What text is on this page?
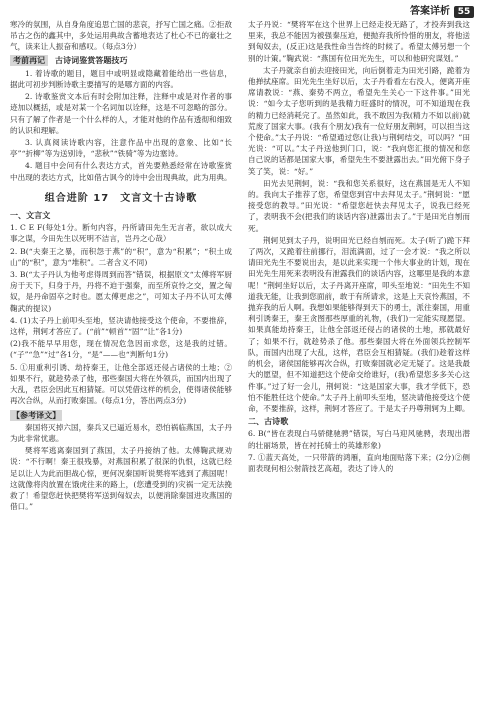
答案详析 55

寒冷的氛围，从自身角度追思亡国的悲哀，抒写亡国之痛。②拒敌吊古之伤的鑫其中，多处运用典故含蓄地表达了杜心不已的豪壮之气，读来让人振奋和感叹。（每点3分）

考前再记 古诗词鉴赏答题技巧

1. 着诗歌的题目，题目中或明显或隐藏着能给出一些信息，据此可初步判断诗歌主要描写的是哪方面的内容。

2. 诗歌鉴赏文本后有时会附加注释，注释中或是对作者的事迹加以概括，或是对某一个名词加以诠释，这是不可忽略的部分。只有了解了作者是一个什么样的人，才能对他的作品有透彻和细致的认识和理解。

3. 认真阅读诗歌内容，注意作品中出现的意象、比如“长亭”“折柳”等为送别诗，“悲秋”“铁骑”等为边塞诗。

4. 题目中会问有什么表达方式，首先要熟悉经常在诗歌鉴赏中出现的表达方式，比如借古讽今的诗中会出现典故，此为用典。

组合进阶 17　文言文十古诗歌
一、文言文

1. C E F(每处1分。断句内容，丹所请田先生无言者，欲以成大事之谋，今田先生以死明不洁言，岂丹之心哉）

2. B(“夫秦王之暴，而积怨于燕”的“积”，意为“积累”；“积土成山”的“积”，意为“堆积”。二者含义不同)

3. B(“太子丹认为他考虑得周到而答”错误，根据原文“太傅将军厨房于天下，归身于丹，丹将不迫于强秦，而至所哀怜之交，置之匈奴，是丹命固卒之时也。愿太傅更虑之”，可知太子丹不认可太傅鞠武的提议)

4. (1)太子丹上前叩头至地，竖决请他接受这个使命，不要推辞，这样，荆轲才答应了。(“前”“顿首”“固”“让”各1分)

(2)我不能早早用您，现在情况危急因而求您，这是我的过错。(“子”“急”“过”各1分，“是”——也“判断句1分)

5. ①用重利引诱、劫持秦王，让他全部返还侵占诸侯的土地；②如果不行，就趁势杀了他，那些秦国大将在外领兵，而国内出现了大乱，君臣会因此互相猜疑。可以凭借这样的机会，使得诸侯能够再次合纵，从而打败秦国。(每点1分，答出两点3分)

【参考译文】

秦国将灭掉六国，秦兵又已逼近易水，恐怕祸临燕国，太子丹为此非常忧惠。

樊将军逃离秦国到了燕国，太子丹接纳了他。太傅鞠武规劝说：“不行啊！秦王很残暴，对燕国积累了很深的仇恨，这就已经足以让人为此而胆战心惊，更何况秦国听说樊将军逃到了燕国呢！这就像将肉放置在饿虎往来的路上，(您遭受到的)灾祸一定无法挽救了！希望您赶快把樊将军送到匈奴去，以便消除秦国进攻燕国的借口。”

太子丹说：“樊将军在这个世界上已经走投无路了，才投奔到我这里来，我总不能因为被强秦压迫，便抛弃我所怜惜的朋友，将他送到匈奴去，(反正)这是我性命当告终的时候了。希望太傅另想一个别的计策。”鞠武说：“燕国有位田光先生，可以和他研究谋划。”

太子丹就亲自前去迎接田光，向后倒着走为田光引路，跪着为他掸拭座席。田光先生坐好以后，太子丹看看左右没人，便离开座席请教说：“燕、秦势不两立，希望先生关心一下这件事。”田光说：“如今太子您听到的是我精力旺盛时的情况，可不知道现在我的精力已经消耗完了。虽然如此，我不敢因为我(精力不如以前)就荒废了国家大事。(我有个朋友)我有一位好朋友荆轲，可以担当这个使命。”太子丹说：“希望通过您(让我)与荆轲结交，可以吗？”田光说：“可以。”太子丹送他到门口，说：“我向您汇报的情况和您自己说的话都是国家大事，希望先生不要泄露出去。”田光俯下身子笑了笑，说：“好。”

田光去见荆轲，说：“我和您关系很好，这在燕国是无人不知的。我向太子推荐了您，希望您到宫中去拜见太子。”荆轲说：“愿接受您的教导。”田光说：“希望您赶快去拜见太子，说我已经死了，表明我不会(把我们的谈话内容)泄露出去了。”于是田光自刎而死。

荆轲见到太子丹，说明田光已经自刎而死。太子(听了)跪下拜了两次，又跪着往前挪行，泪流满面，过了一会才说：“我之所以请田光先生不要说出去，是以此来实现一个伟大事业的计划，现在田光先生用死来表明没有泄露我们的谈话内容，这哪里是我的本意呢！”荆轲坐好以后，太子丹离开座席，叩头至地说：“田先生不知道我无能，让我到您面前，敢于有所请求，这是上天哀怜燕国，不抛弃我的后人啊。我想如果能够得到天下的勇士，派往秦国，用重利引诱秦王，秦王贪图那些厚重的礼物，(我们)一定能实现愿望。如果真能劫持秦王，让他全部返还侵占的诸侯的土地，那就最好了；如果不行，就趁势杀了他。那些秦国大将在外面领兵控制军队，而国内出现了大乱，这样，君臣会互相猜疑。(我们)趁着这样的机会，诸侯国能够再次合纵，打败秦国就必定无疑了。这是我最大的愿望，但不知道把这个使命交给谁好，(我)希望您多多关心这件事。”过了好一会儿，荆轲说：“这是国家大事，我才学低下，恐怕不能胜任这个使命。”太子丹上前叩头至地，竖决请他接受这个使命，不要推辞，这样，荆轲才答应了。于是太子丹尊荆轲为上卿。

二、古诗歌

6. B(“皆在表现白马骄健驰骋”错误，写白马迎风驰骋，表现出潜的壮丽场景，皆在衬托骑士的英雄形象)

7. ①蓝天高处，一只带箭的鸿雁，直向地面贴落下来；(2分)②侧面表现何相公射箭技艺高超，表达了诗人的
